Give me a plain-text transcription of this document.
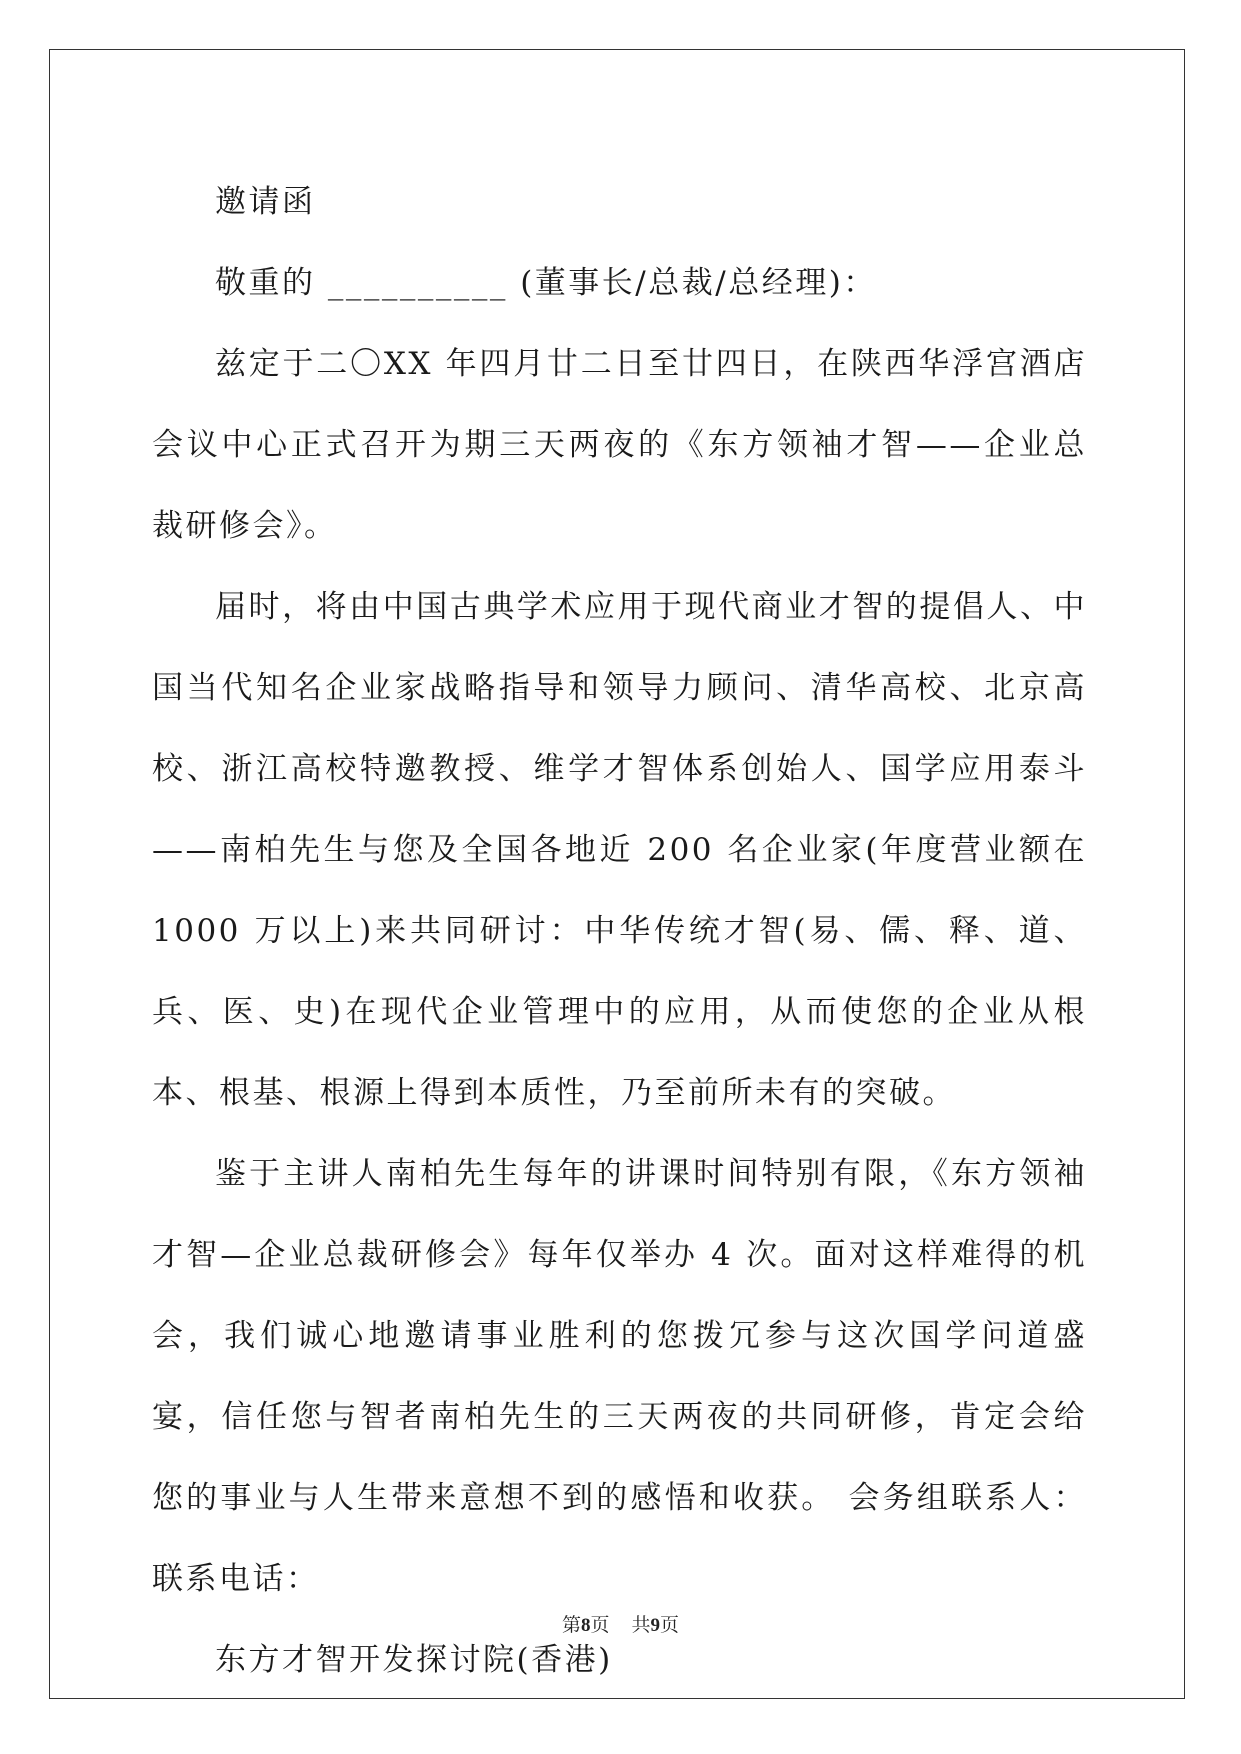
邀请函

敬重的 __________ (董事长/总裁/总经理)：

兹定于二〇XX 年四月廿二日至廿四日，在陕西华浮宫酒店会议中心正式召开为期三天两夜的《东方领袖才智——企业总裁研修会》。

届时，将由中国古典学术应用于现代商业才智的提倡人、中国当代知名企业家战略指导和领导力顾问、清华高校、北京高校、浙江高校特邀教授、维学才智体系创始人、国学应用泰斗——南柏先生与您及全国各地近 200 名企业家(年度营业额在 1000 万以上)来共同研讨：中华传统才智(易、儒、释、道、兵、医、史)在现代企业管理中的应用，从而使您的企业从根本、根基、根源上得到本质性，乃至前所未有的突破。

鉴于主讲人南柏先生每年的讲课时间特别有限，《东方领袖才智—企业总裁研修会》每年仅举办 4 次。面对这样难得的机会，我们诚心地邀请事业胜利的您拨冗参与这次国学问道盛宴，信任您与智者南柏先生的三天两夜的共同研修，肯定会给您的事业与人生带来意想不到的感悟和收获。 会务组联系人： 联系电话：

东方才智开发探讨院(香港)

第8页 共9页
